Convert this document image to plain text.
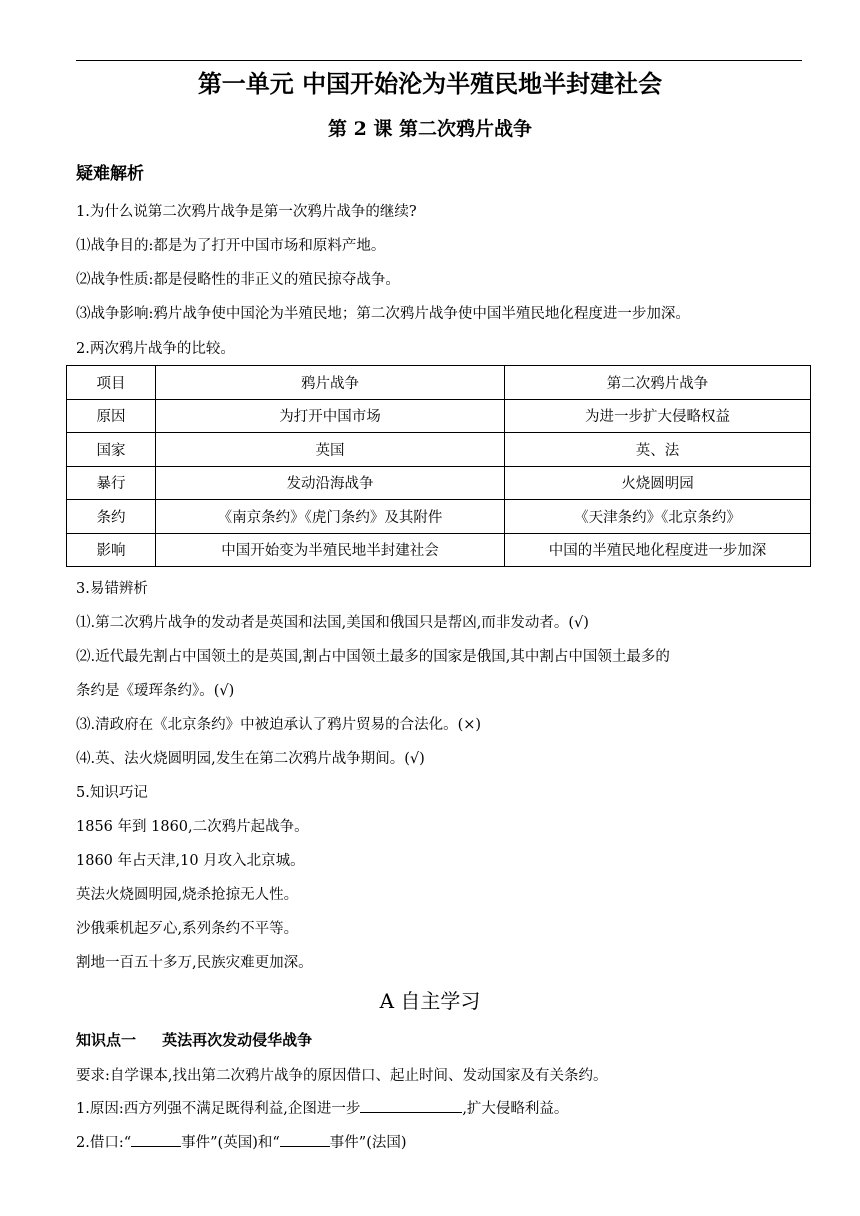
第一单元 中国开始沦为半殖民地半封建社会
第 2 课 第二次鸦片战争
疑难解析
1.为什么说第二次鸦片战争是第一次鸦片战争的继续?
⑴战争目的:都是为了打开中国市场和原料产地。
⑵战争性质:都是侵略性的非正义的殖民掠夺战争。
⑶战争影响:鸦片战争使中国沦为半殖民地；第二次鸦片战争使中国半殖民地化程度进一步加深。
2.两次鸦片战争的比较。
项目	鸦片战争	第二次鸦片战争
原因	为打开中国市场	为进一步扩大侵略权益
国家	英国	英、法
暴行	发动沿海战争	火烧圆明园
条约	《南京条约》《虎门条约》及其附件	《天津条约》《北京条约》
影响	中国开始变为半殖民地半封建社会	中国的半殖民地化程度进一步加深
3.易错辨析
⑴.第二次鸦片战争的发动者是英国和法国,美国和俄国只是帮凶,而非发动者。(√)
⑵.近代最先割占中国领土的是英国,割占中国领土最多的国家是俄国,其中割占中国领土最多的
条约是《瑷珲条约》。(√)
⑶.清政府在《北京条约》中被迫承认了鸦片贸易的合法化。(×)
⑷.英、法火烧圆明园,发生在第二次鸦片战争期间。(√)
5.知识巧记
1856 年到 1860,二次鸦片起战争。
1860 年占天津,10 月攻入北京城。
英法火烧圆明园,烧杀抢掠无人性。
沙俄乘机起歹心,系列条约不平等。
割地一百五十多万,民族灾难更加深。
A 自主学习
知识点一 英法再次发动侵华战争
要求:自学课本,找出第二次鸦片战争的原因借口、起止时间、发动国家及有关条约。
1.原因:西方列强不满足既得利益,企图进一步	,扩大侵略利益。
2.借口:“	事件”(英国)和“	事件”(法国)
